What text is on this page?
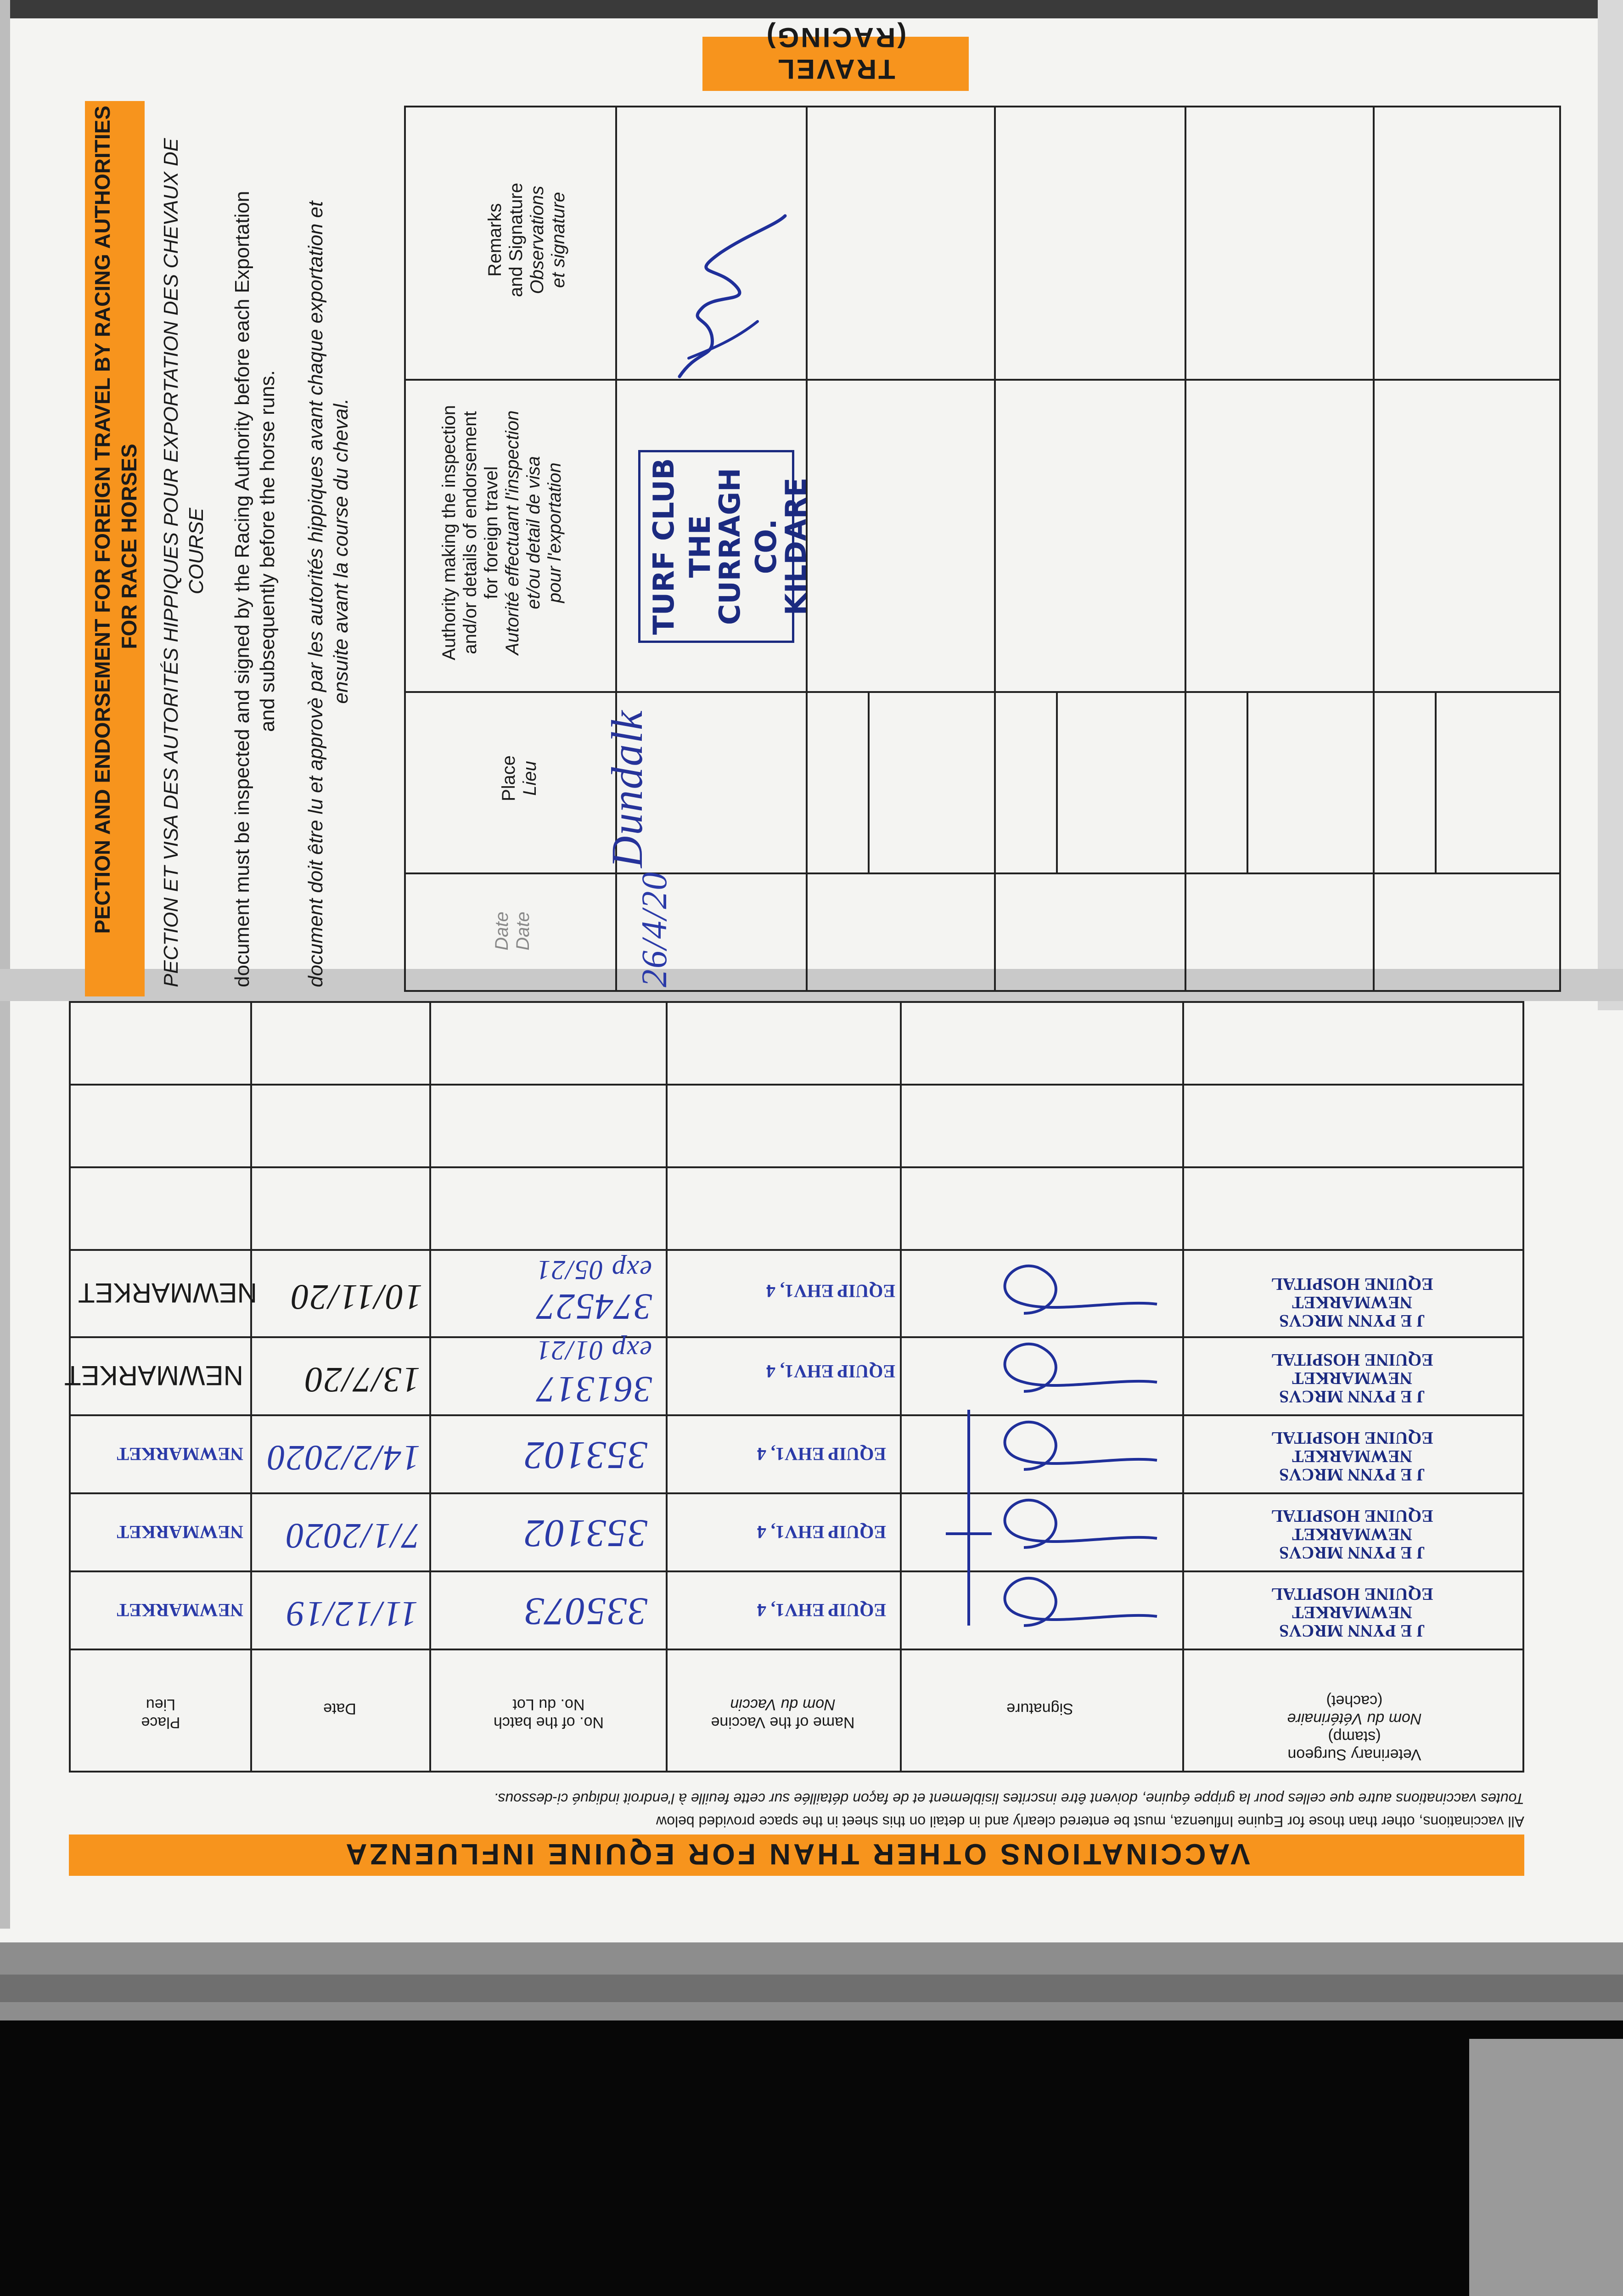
TRAVEL (RACING)
PECTION AND ENDORSEMENT FOR FOREIGN TRAVEL BY RACING AUTHORITIES FOR RACE HORSES PECTION ET VISA DES AUTORITÉS HIPPIQUES POUR EXPORTATION DES CHEVAUX DE COURSE document must be inspected and signed by the Racing Authority before each Exportation and subsequently before the horse runs. document doit être lu et approvè par les autorités hippiques avant chaque exportation et ensuite avant la course du cheval.
Date Date
Place Lieu
Authority making the inspection and/or details of endorsement for foreign travel Autorité effectuant l'inspection et/ou detail de visa pour l'exportation
Remarks and Signature Observations et signature
26/4/20
Dundalk
TURF CLUB THE CURRAGH CO. KILDARE
Veterinary Surgeon
(stamp)
Nom du Vétérinaire
(cachet)
Signature
Name of the Vaccine
Nom du Vaccin
No. of the batch
No. du Lot
Date
Place
Lieu
J E PYNN MRCVS
NEWMARKET
EQUINE HOSPITAL
EQUIP EHV1, 4
335073
11/12/19
NEWMARKET
J E PYNN MRCVS
NEWMARKET
EQUINE HOSPITAL
EQUIP EHV1, 4
353102
7/1/2020
NEWMARKET
J E PYNN MRCVS
NEWMARKET
EQUINE HOSPITAL
EQUIP EHV1, 4
353102
14/2/2020
NEWMARKET
J E PYNN MRCVS
NEWMARKET
EQUINE HOSPITAL
EQUIP EHV1, 4
361317
exp 01/21
13/7/20
NEWMARKET
J E PYNN MRCVS
NEWMARKET
EQUINE HOSPITAL
EQUIP EHV1, 4
374527
exp 05/21
10/11/20
NEWMARKET
Toutes vaccinations autre que celles pour la grippe équine, doivent être inscrites lisiblement et de façon détaillée sur cette feuille à l'endroit indiqué ci-dessous.
All vaccinations, other than those for Equine Influenza, must be entered clearly and in detail on this sheet in the space provided below
VACCINATIONS OTHER THAN FOR EQUINE INFLUENZA
